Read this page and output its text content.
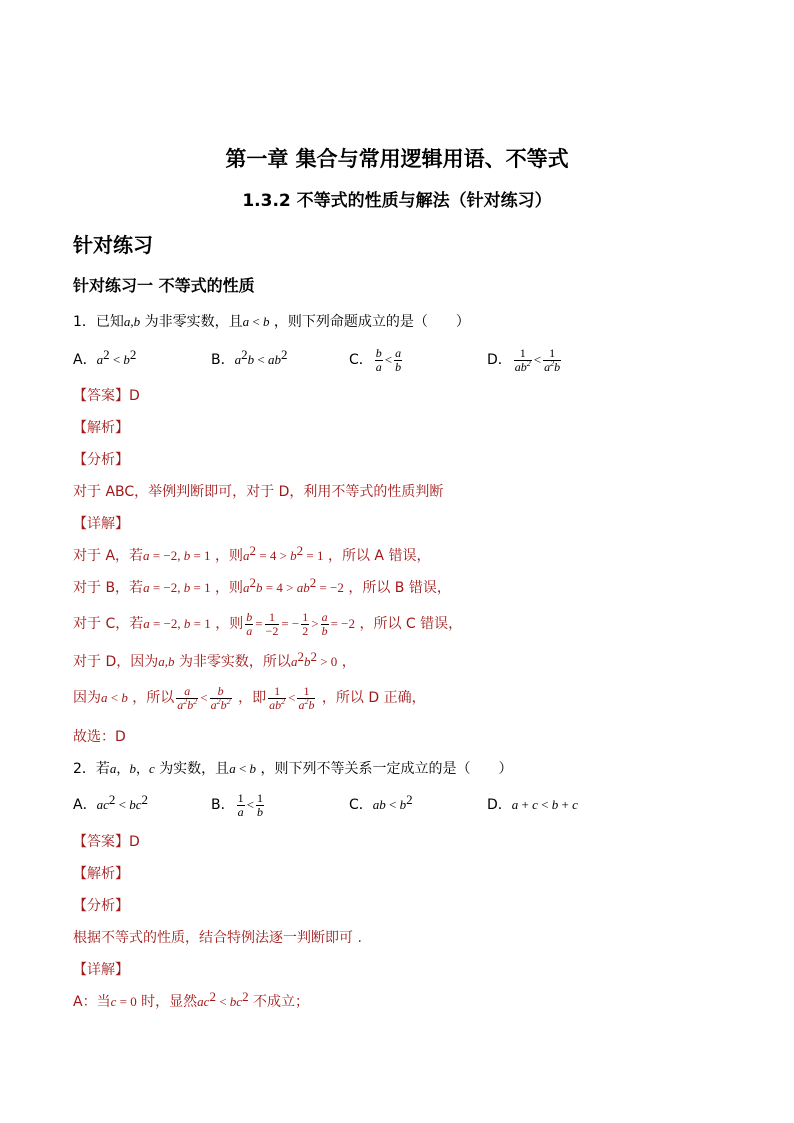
第一章 集合与常用逻辑用语、不等式
1.3.2 不等式的性质与解法（针对练习）
针对练习
针对练习一 不等式的性质
1．已知a,b 为非零实数，且a < b ，则下列命题成立的是（　　）
A．$a^2 < b^2$	B．$a^2b < ab^2$	C． $\frac{b}{a} < \frac{a}{b}$	D． $\frac{1}{ab^2} < \frac{1}{a^2b}$
【答案】D
【解析】
【分析】
对于 ABC，举例判断即可，对于 D，利用不等式的性质判断
【详解】
对于 A，若a = −2, b = 1 ，则$a^2 = 4 > b^2 = 1$ ，所以 A 错误，
对于 B，若a = −2, b = 1 ，则$a^2b = 4 > ab^2 = -2$ ，所以 B 错误，
对于 C，若a = −2, b = 1 ，则 $\frac{b}{a} = \frac{1}{-2}$ = − $\frac{1}{2} > \frac{a}{b} = -2$ ，所以 C 错误，
对于 D，因为a,b 为非零实数，所以$a^2b^2 > 0$ ，
因为a < b ，所以 $\frac{a}{a^2b^2} < \frac{b}{a^2b^2}$ ，即 $\frac{1}{ab^2} < \frac{1}{a^2b}$ ，所以 D 正确，
故选：D
2．若a，b，c 为实数，且a < b ，则下列不等关系一定成立的是（　　）
A．$ac^2 < bc^2$	B． $\frac{1}{a} < \frac{1}{b}$	C．ab < $b^2$	D．a + c < b + c
【答案】D
【解析】
【分析】
根据不等式的性质，结合特例法逐一判断即可 .
【详解】
A：当c = 0 时，显然$ac^2 < bc^2$ 不成立；
